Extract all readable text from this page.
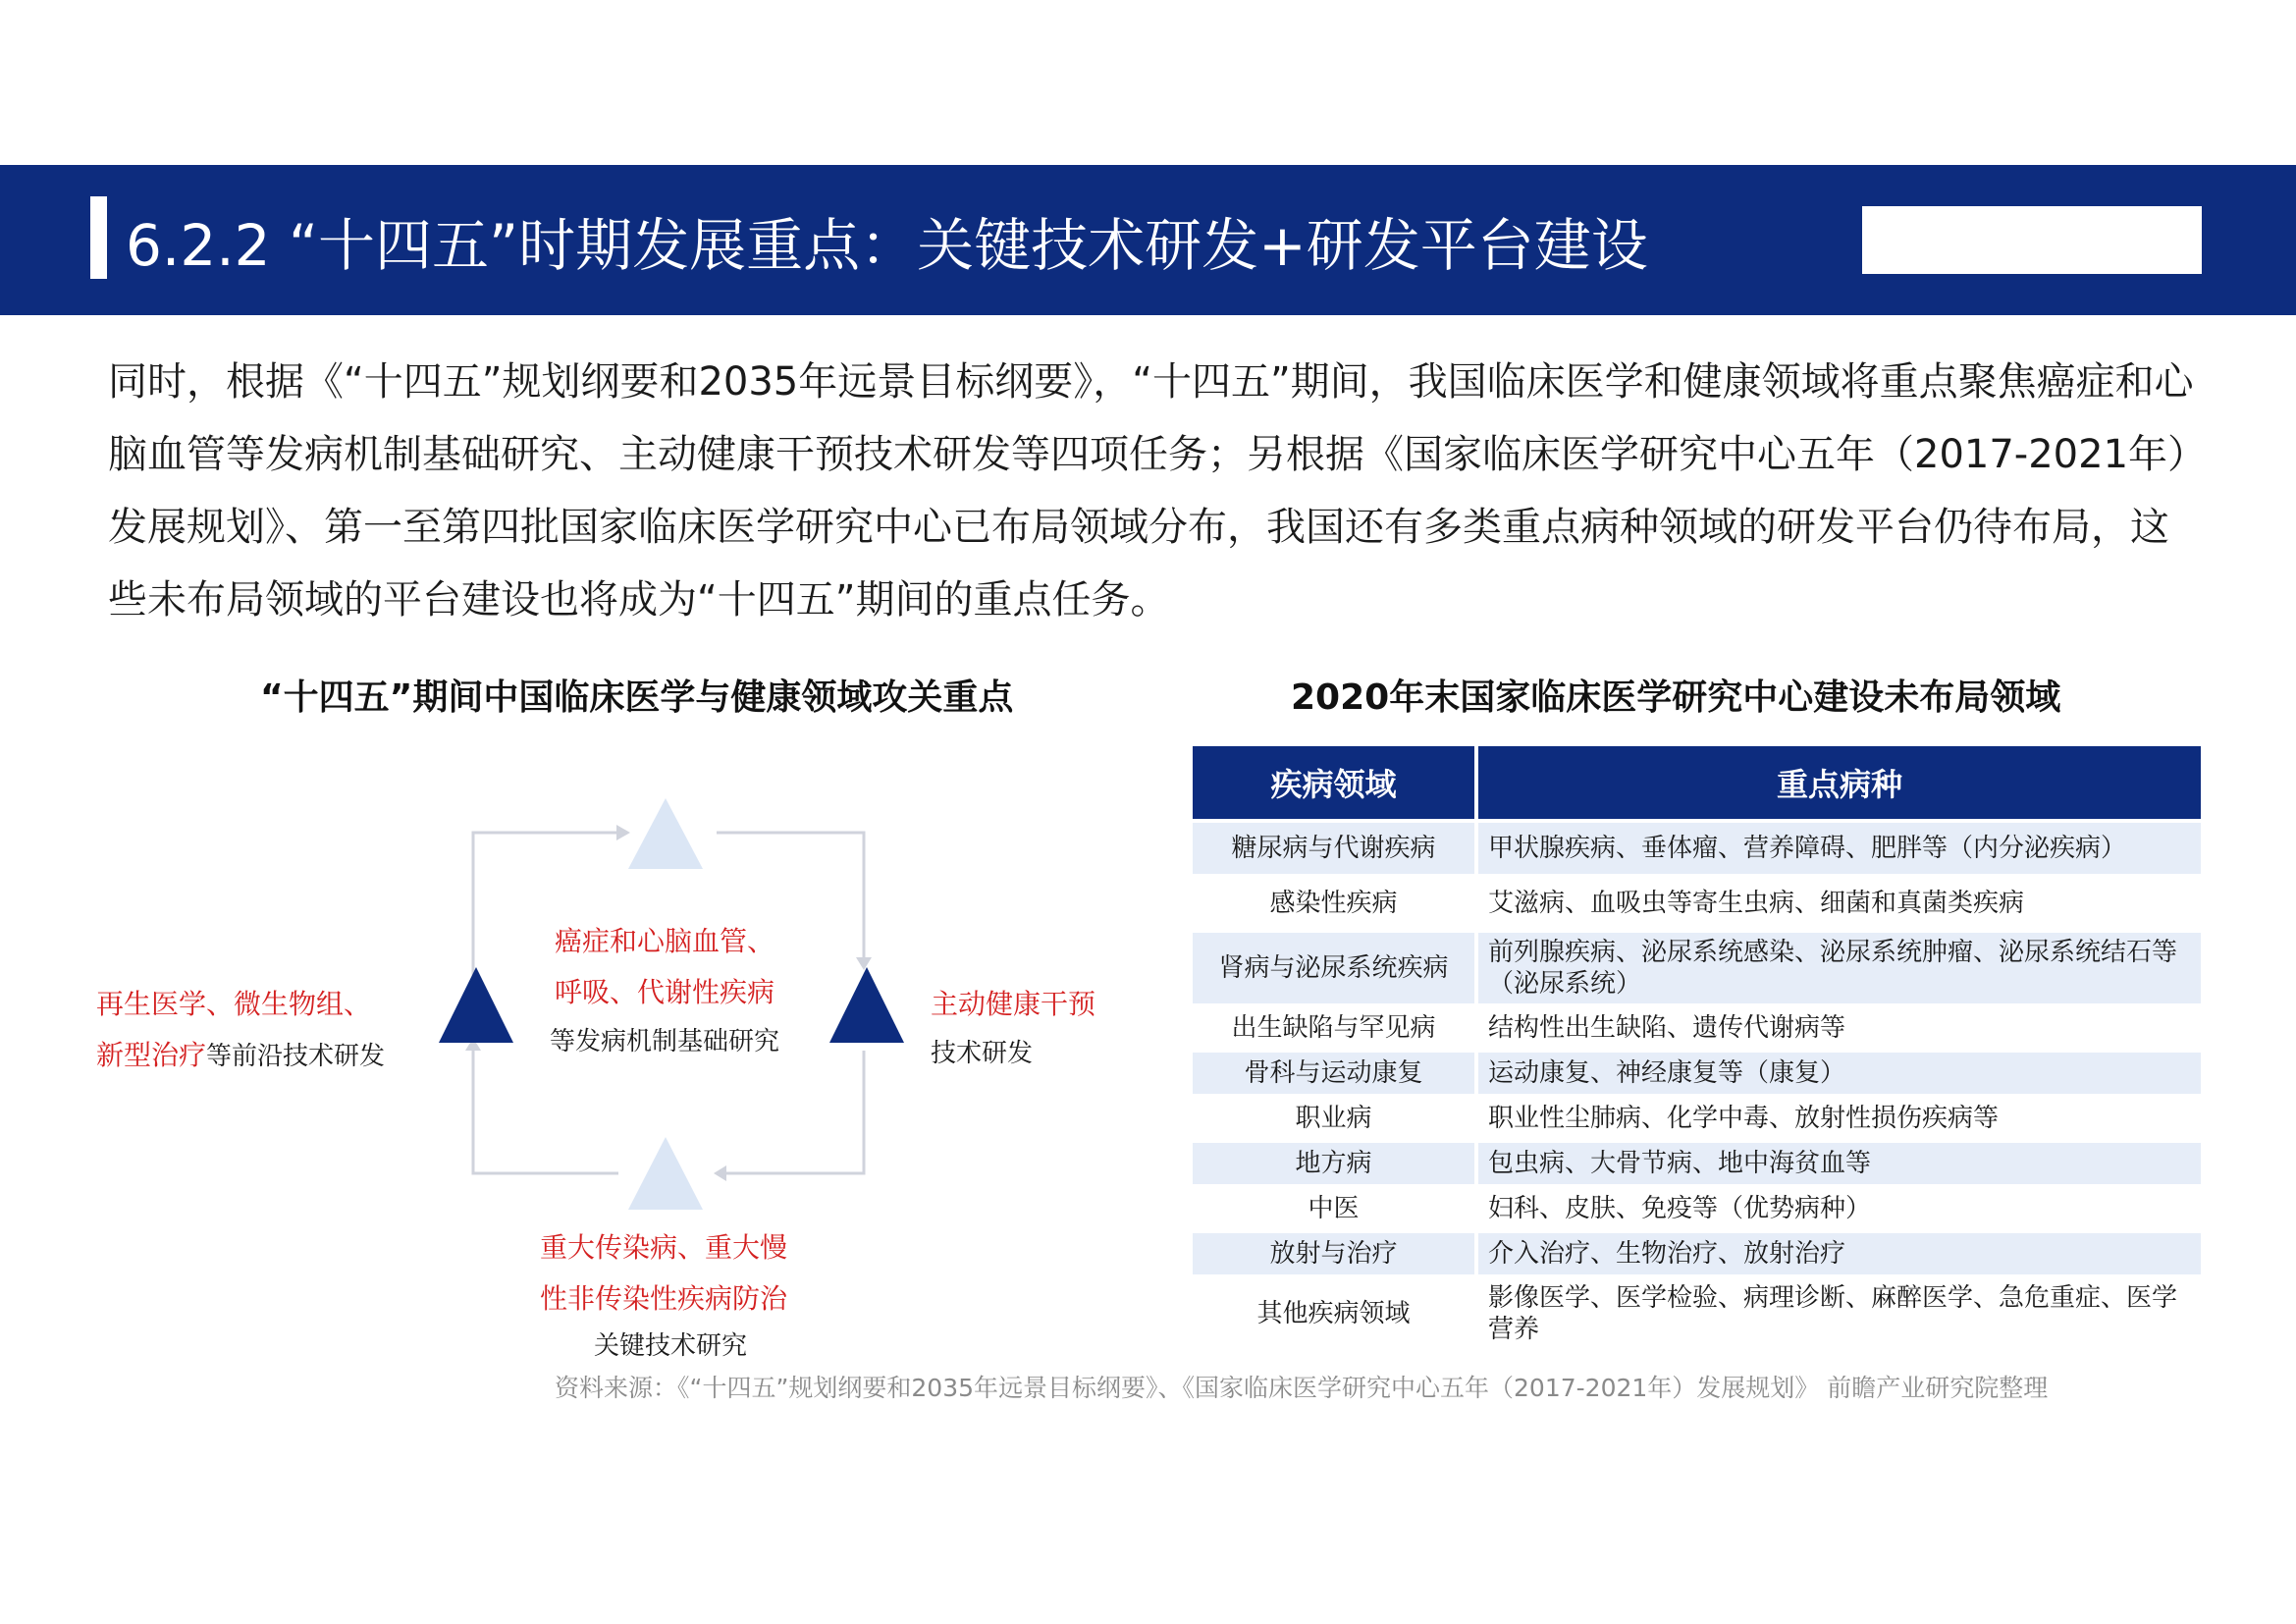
6.2.2 “十四五”时期发展重点：关键技术研发+研发平台建设
同时，根据《“十四五”规划纲要和2035年远景目标纲要》，“十四五”期间，我国临床医学和健康领域将重点聚焦癌症和心脑血管等发病机制基础研究、主动健康干预技术研发等四项任务；另根据《国家临床医学研究中心五年（2017-2021年）发展规划》、第一至第四批国家临床医学研究中心已布局领域分布，我国还有多类重点病种领域的研发平台仍待布局，这些未布局领域的平台建设也将成为“十四五”期间的重点任务。
“十四五”期间中国临床医学与健康领域攻关重点	2020年末国家临床医学研究中心建设未布局领域
癌症和心脑血管、
呼吸、代谢性疾病
等发病机制基础研究
再生医学、微生物组、
新型治疗等前沿技术研发
主动健康干预
技术研发
重大传染病、重大慢
性非传染性疾病防治
关键技术研究
疾病领域	重点病种
糖尿病与代谢疾病	甲状腺疾病、垂体瘤、营养障碍、肥胖等（内分泌疾病）
感染性疾病	艾滋病、血吸虫等寄生虫病、细菌和真菌类疾病
肾病与泌尿系统疾病	前列腺疾病、泌尿系统感染、泌尿系统肿瘤、泌尿系统结石等（泌尿系统）
出生缺陷与罕见病	结构性出生缺陷、遗传代谢病等
骨科与运动康复	运动康复、神经康复等（康复）
职业病	职业性尘肺病、化学中毒、放射性损伤疾病等
地方病	包虫病、大骨节病、地中海贫血等
中医	妇科、皮肤、免疫等（优势病种）
放射与治疗	介入治疗、生物治疗、放射治疗
其他疾病领域	影像医学、医学检验、病理诊断、麻醉医学、急危重症、医学营养
资料来源：《“十四五”规划纲要和2035年远景目标纲要》、《国家临床医学研究中心五年（2017-2021年）发展规划》 前瞻产业研究院整理
